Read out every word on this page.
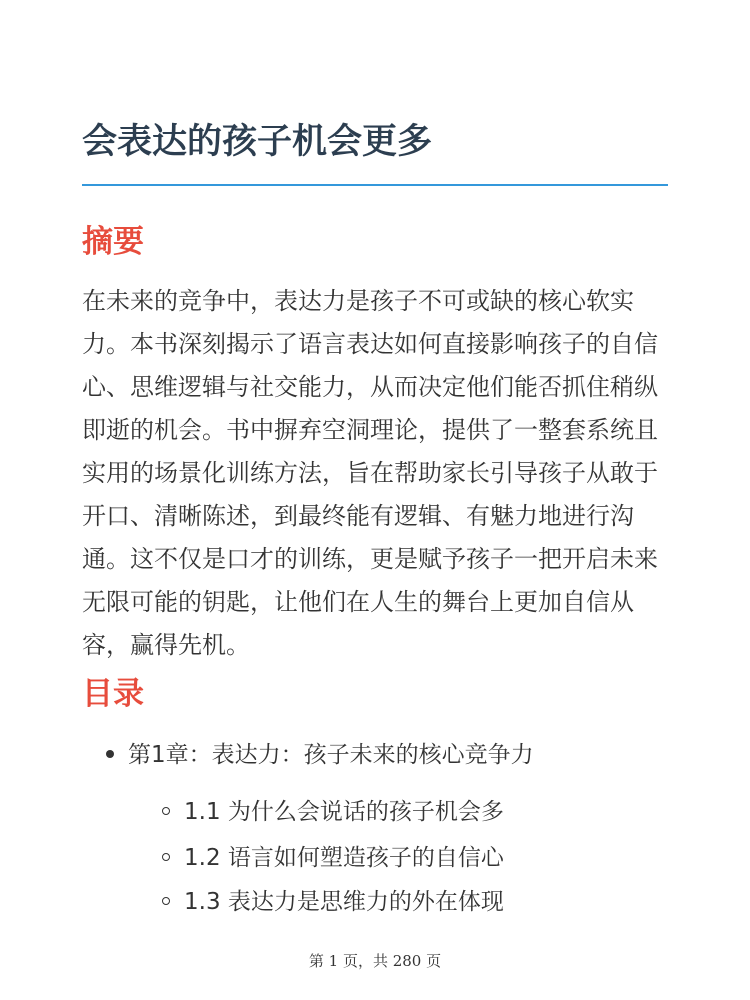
会表达的孩子机会更多
摘要

在未来的竞争中，表达力是孩子不可或缺的核心软实力。本书深刻揭示了语言表达如何直接影响孩子的自信心、思维逻辑与社交能力，从而决定他们能否抓住稍纵即逝的机会。书中摒弃空洞理论，提供了一整套系统且实用的场景化训练方法，旨在帮助家长引导孩子从敢于开口、清晰陈述，到最终能有逻辑、有魅力地进行沟通。这不仅是口才的训练，更是赋予孩子一把开启未来无限可能的钥匙，让他们在人生的舞台上更加自信从容，赢得先机。

目录
第1章：表达力：孩子未来的核心竞争力
1.1 为什么会说话的孩子机会多
1.2 语言如何塑造孩子的自信心
1.3 表达力是思维力的外在体现
第 1 页，共 280 页
